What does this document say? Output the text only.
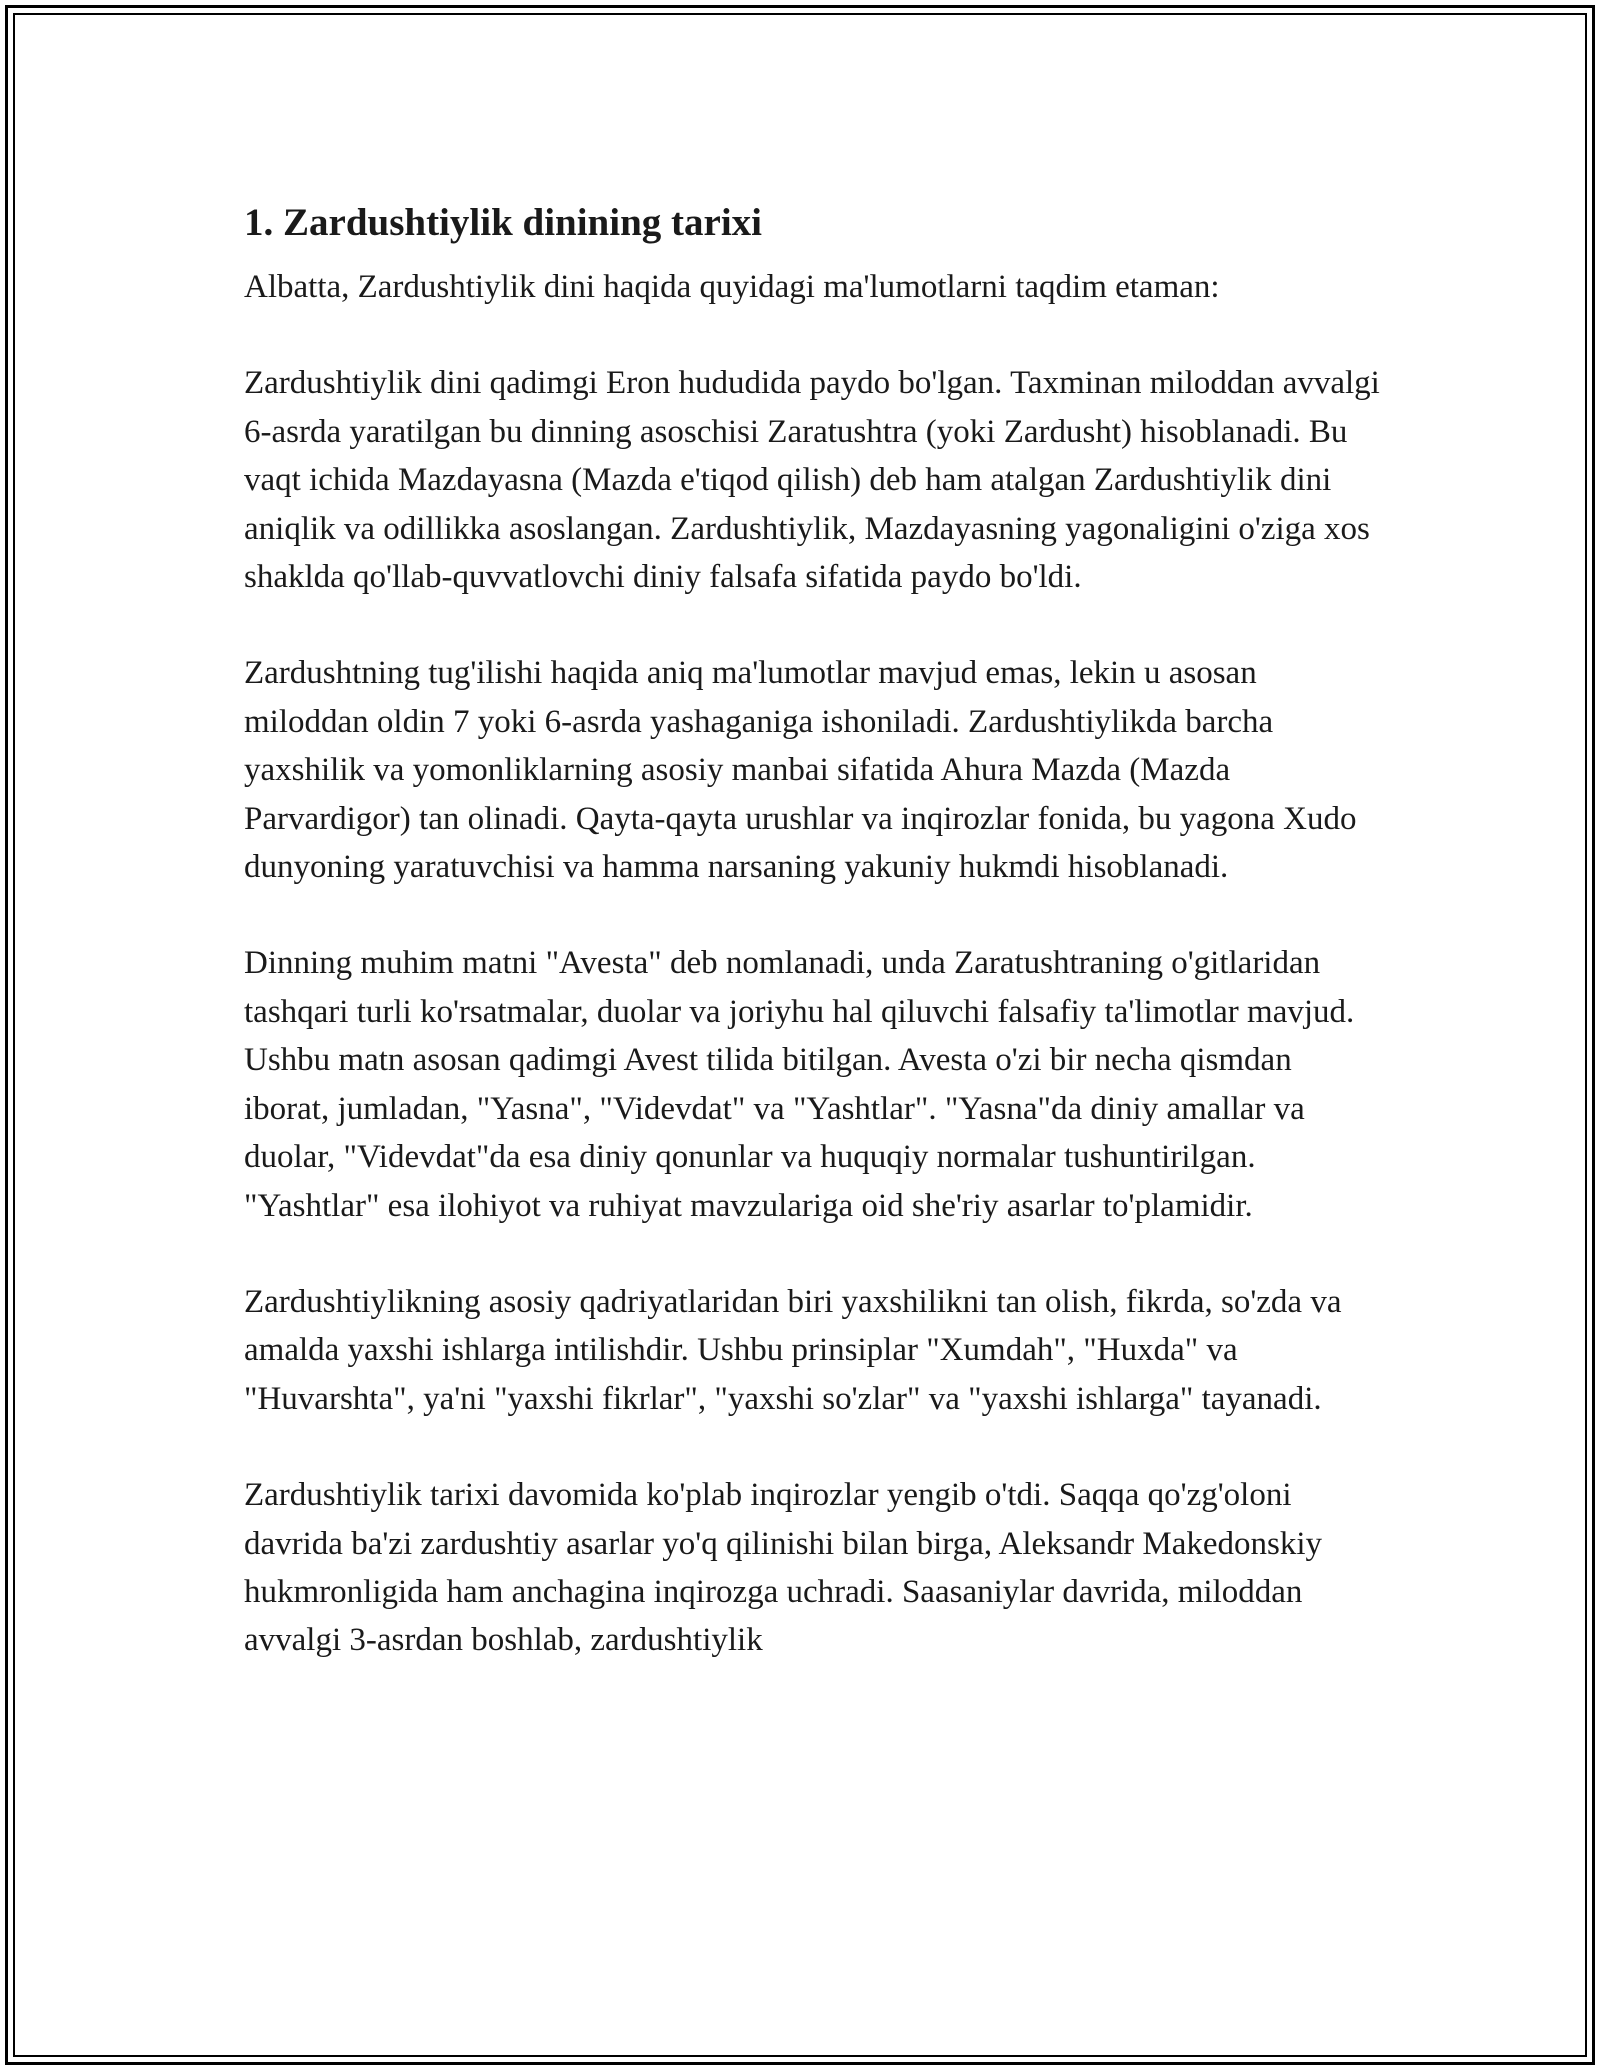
1. Zardushtiylik dinining tarixi

Albatta, Zardushtiylik dini haqida quyidagi ma'lumotlarni taqdim etaman:

Zardushtiylik dini qadimgi Eron hududida paydo bo'lgan. Taxminan miloddan avvalgi 6-asrda yaratilgan bu dinning asoschisi Zaratushtra (yoki Zardusht) hisoblanadi. Bu vaqt ichida Mazdayasna (Mazda e'tiqod qilish) deb ham atalgan Zardushtiylik dini aniqlik va odillikka asoslangan. Zardushtiylik, Mazdayasning yagonaligini o'ziga xos shaklda qo'llab-quvvatlovchi diniy falsafa sifatida paydo bo'ldi.

Zardushtning tug'ilishi haqida aniq ma'lumotlar mavjud emas, lekin u asosan miloddan oldin 7 yoki 6-asrda yashaganiga ishoniladi. Zardushtiylikda barcha yaxshilik va yomonliklarning asosiy manbai sifatida Ahura Mazda (Mazda Parvardigor) tan olinadi. Qayta-qayta urushlar va inqirozlar fonida, bu yagona Xudo dunyoning yaratuvchisi va hamma narsaning yakuniy hukmdi hisoblanadi.

Dinning muhim matni "Avesta" deb nomlanadi, unda Zaratushtraning o'gitlaridan tashqari turli ko'rsatmalar, duolar va joriyhu hal qiluvchi falsafiy ta'limotlar mavjud. Ushbu matn asosan qadimgi Avest tilida bitilgan. Avesta o'zi bir necha qismdan iborat, jumladan, "Yasna", "Videvdat" va "Yashtlar". "Yasna"da diniy amallar va duolar, "Videvdat"da esa diniy qonunlar va huquqiy normalar tushuntirilgan. "Yashtlar" esa ilohiyot va ruhiyat mavzulariga oid she'riy asarlar to'plamidir.

Zardushtiylikning asosiy qadriyatlaridan biri yaxshilikni tan olish, fikrda, so'zda va amalda yaxshi ishlarga intilishdir. Ushbu prinsiplar "Xumdah", "Huxda" va "Huvarshta", ya'ni "yaxshi fikrlar", "yaxshi so'zlar" va "yaxshi ishlarga" tayanadi.

Zardushtiylik tarixi davomida ko'plab inqirozlar yengib o'tdi. Saqqa qo'zg'oloni davrida ba'zi zardushtiy asarlar yo'q qilinishi bilan birga, Aleksandr Makedonskiy hukmronligida ham anchagina inqirozga uchradi. Saasaniylar davrida, miloddan avvalgi 3-asrdan boshlab, zardushtiylik
